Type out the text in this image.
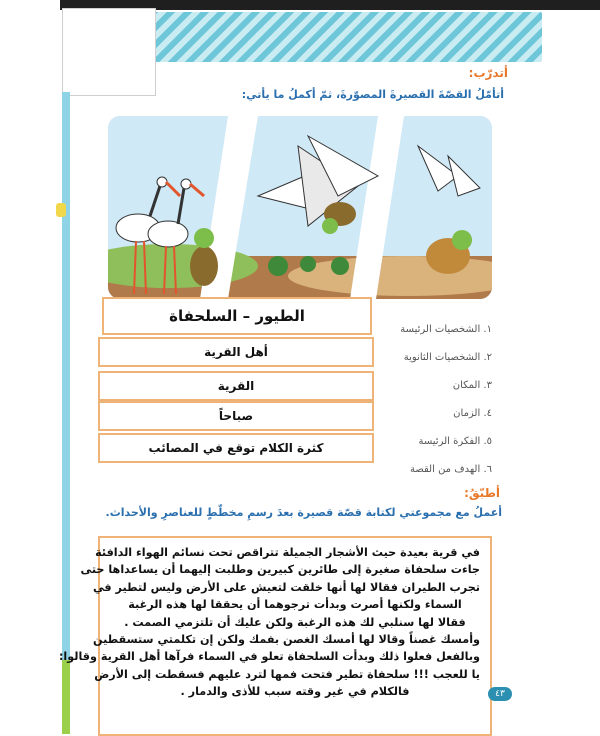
أتدرّب:
أتأمّلُ القصّةَ القصيرةَ المصوّرةَ، ثمّ أكملُ ما يأتي:
١. الشخصيات الرئيسة
٢. الشخصيات الثانوية
٣. المكان
٤. الزمان
٥. الفكرة الرئيسة
٦. الهدف من القصة
الطيور – السلحفاة
أهل القرية
القرية
صباحاً
كثرة الكلام توقع في المصائب
أطبّقُ:
أعملُ مع مجموعتي لكتابة قصّة قصيرة بعدَ رسمِ مخطّطٍ للعناصرِ والأحداث.
في قرية بعيدة حيث الأشجار الجميلة تتراقص تحت نسائم الهواء الدافئة
جاءت سلحفاة صغيرة إلى طائرين كبيرين وطلبت إليهما أن يساعداها حتى
تجرب الطيران فقالا لها أنها خلقت لتعيش على الأرض وليس لتطير في
السماء ولكنها أصرت وبدأت ترجوهما أن يحققا لها هذه الرغبة
فقالا لها سنلبي لك هذه الرغبة ولكن عليك أن تلتزمي الصمت .
وأمسك غصناً وقالا لها أمسك الغصن بفمك ولكن إن تكلمتي ستسقطين
وبالفعل فعلوا ذلك وبدأت السلحفاة تعلو في السماء فرآها أهل القرية وقالوا:
يا للعجب !!! سلحفاة تطير فتحت فمها لترد عليهم فسقطت إلى الأرض
فالكلام في غير وقته سبب للأذى والدمار .	٤٣
